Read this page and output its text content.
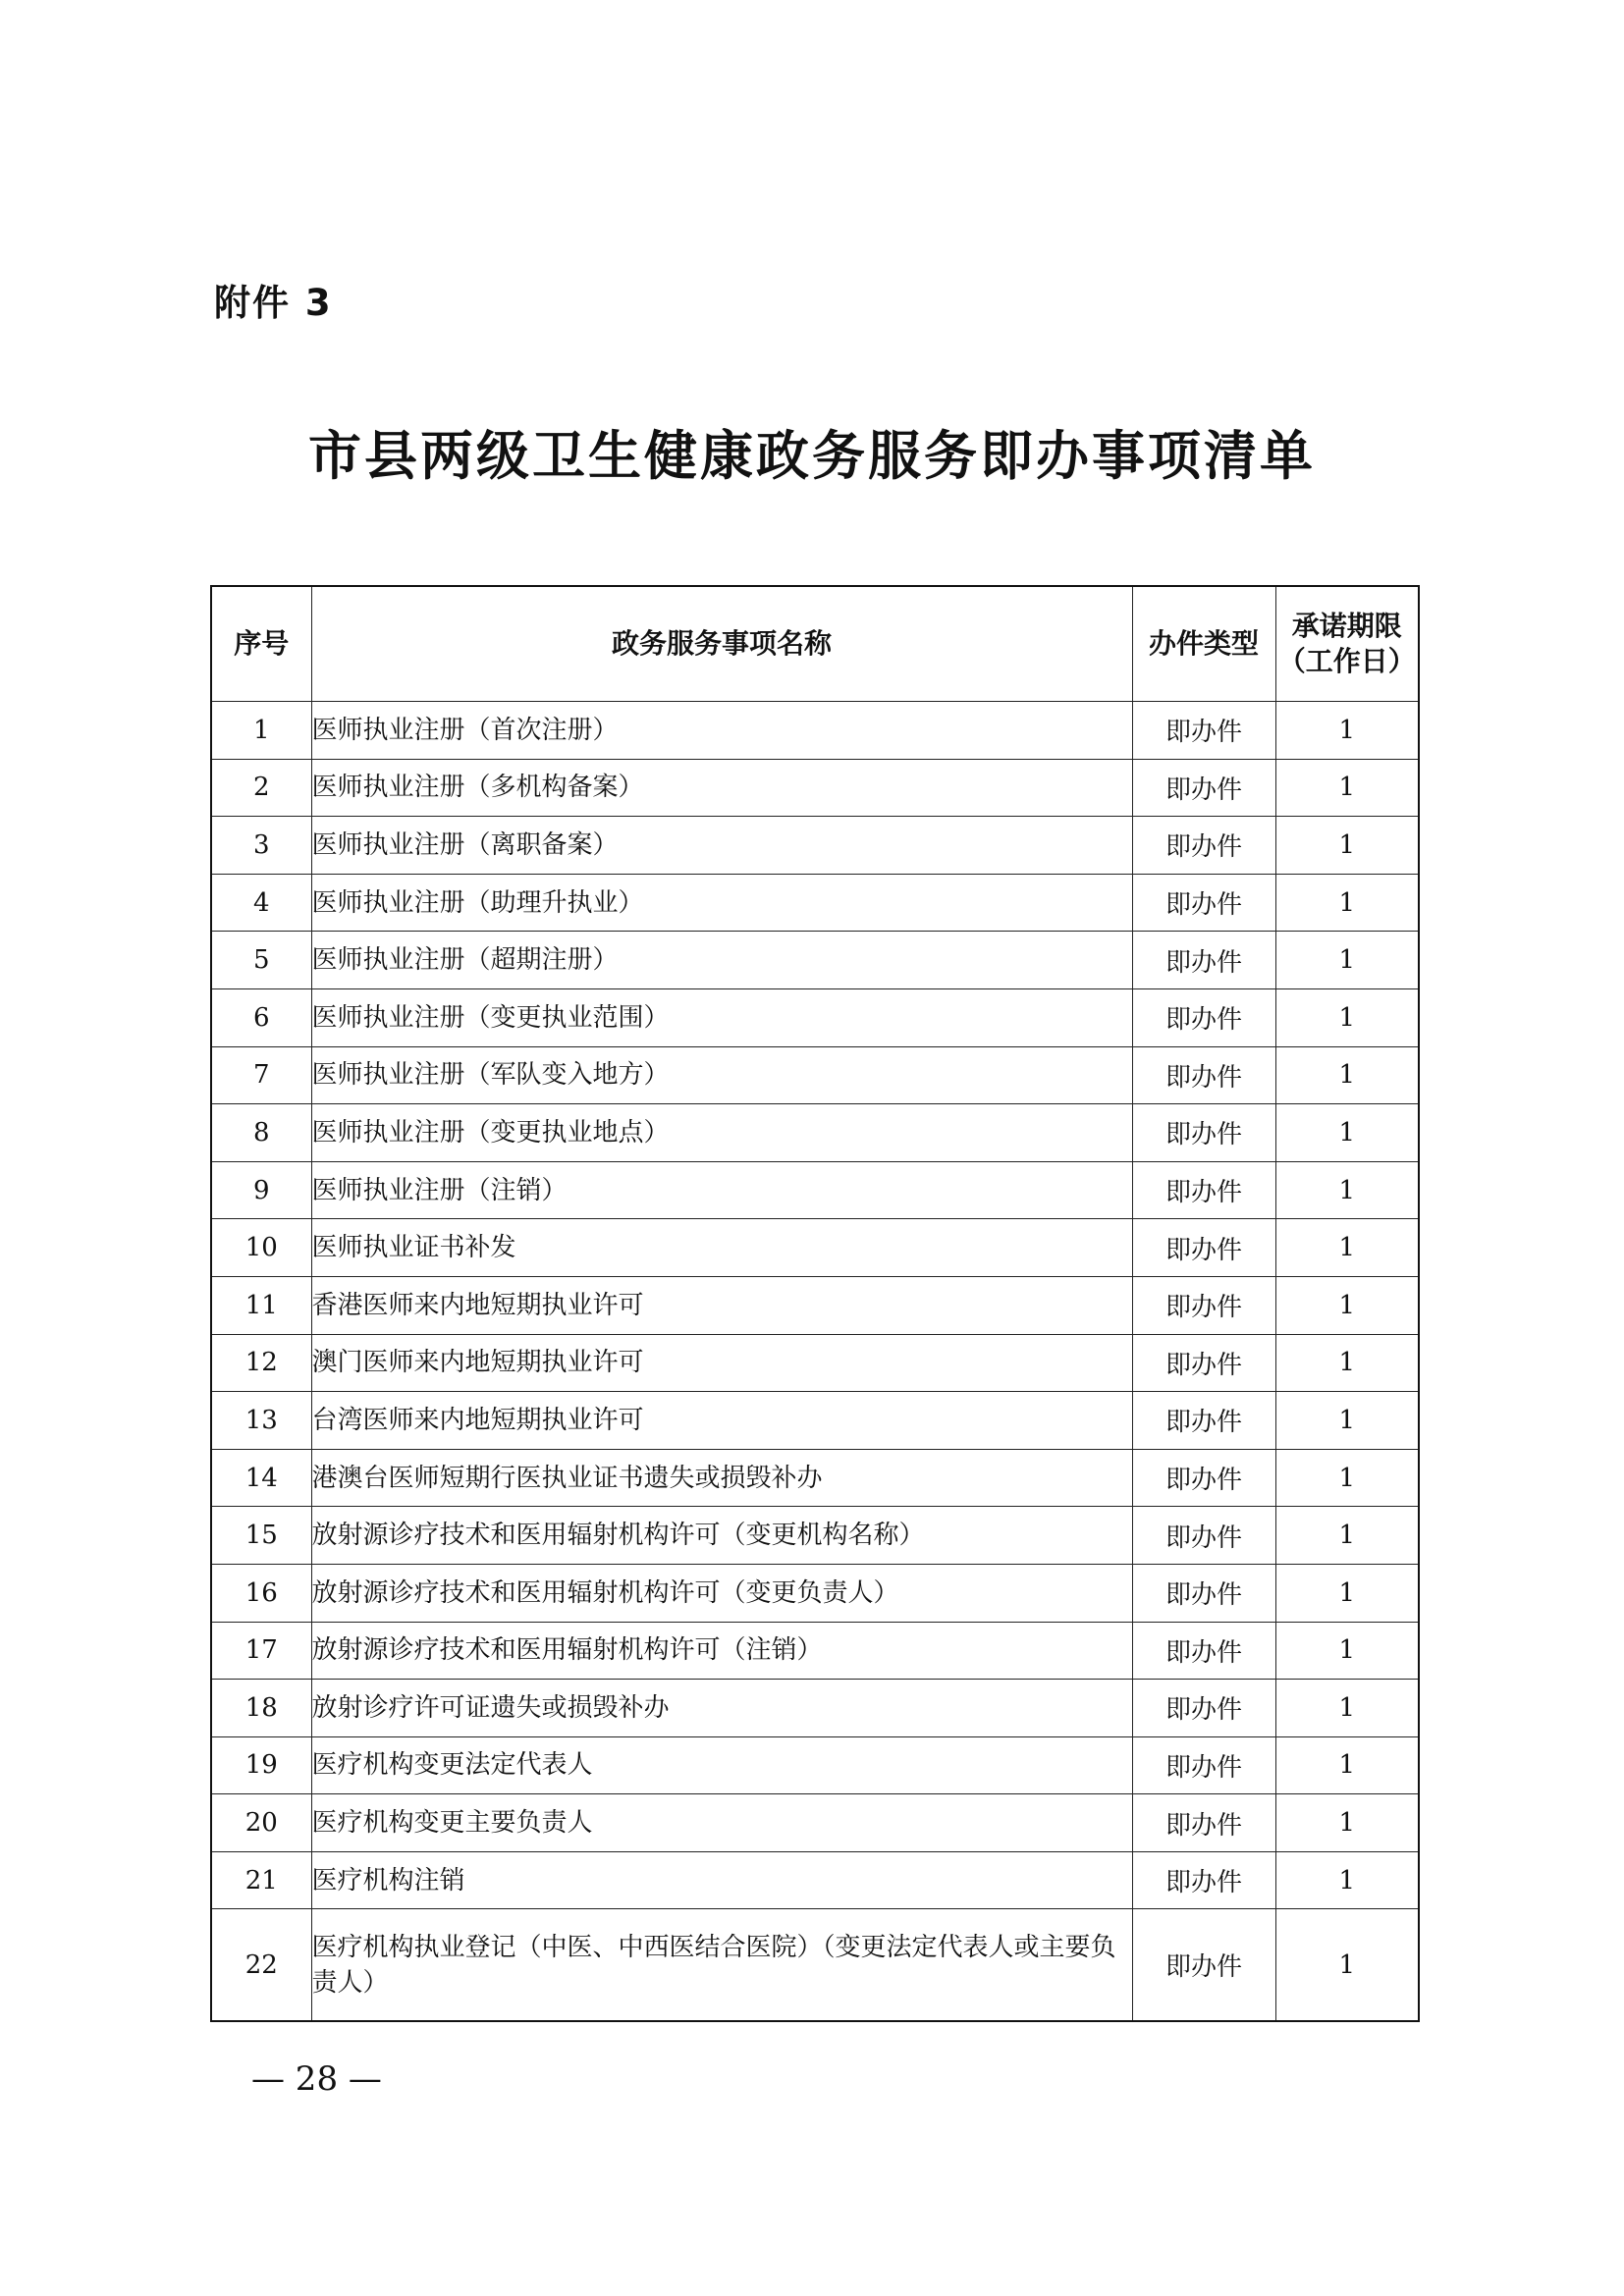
附件 3
市县两级卫生健康政务服务即办事项清单
序号	政务服务事项名称	办件类型	承诺期限
（工作日）

1	医师执业注册（首次注册）	即办件	1
2	医师执业注册（多机构备案）	即办件	1
3	医师执业注册（离职备案）	即办件	1
4	医师执业注册（助理升执业）	即办件	1
5	医师执业注册（超期注册）	即办件	1
6	医师执业注册（变更执业范围）	即办件	1
7	医师执业注册（军队变入地方）	即办件	1
8	医师执业注册（变更执业地点）	即办件	1
9	医师执业注册（注销）	即办件	1
10	医师执业证书补发	即办件	1
11	香港医师来内地短期执业许可	即办件	1
12	澳门医师来内地短期执业许可	即办件	1
13	台湾医师来内地短期执业许可	即办件	1
14	港澳台医师短期行医执业证书遗失或损毁补办	即办件	1
15	放射源诊疗技术和医用辐射机构许可（变更机构名称）	即办件	1
16	放射源诊疗技术和医用辐射机构许可（变更负责人）	即办件	1
17	放射源诊疗技术和医用辐射机构许可（注销）	即办件	1
18	放射诊疗许可证遗失或损毁补办	即办件	1
19	医疗机构变更法定代表人	即办件	1
20	医疗机构变更主要负责人	即办件	1
21	医疗机构注销	即办件	1
22	医疗机构执业登记（中医、中西医结合医院）（变更法定代表人或主要负责人）	即办件	1
— 28 —
